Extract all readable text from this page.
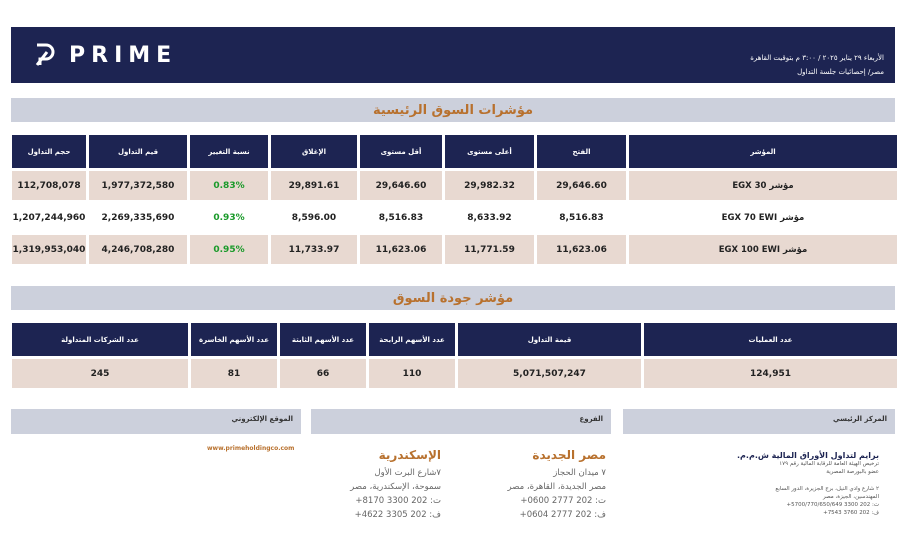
PRIME	الأربعاء ٢٩ يناير ٢٠٢٥ / ٣:٠٠ م بتوقيت القاهرة
مصر/ إحصائيات جلسة التداول
مؤشرات السوق الرئيسية
حجم التداول	قيم التداول	نسبة التغيير	الإغلاق	أقل مستوى	أعلى مستوى	الفتح	المؤشر
112,708,078	1,977,372,580	0.83%	29,891.61	29,646.60	29,982.32	29,646.60	مؤشر EGX 30
1,207,244,960	2,269,335,690	0.93%	8,596.00	8,516.83	8,633.92	8,516.83	مؤشر EGX 70 EWI
1,319,953,040	4,246,708,280	0.95%	11,733.97	11,623.06	11,771.59	11,623.06	مؤشر EGX 100 EWI
مؤشر جودة السوق
عدد الشركات المتداولة	عدد الأسهم الخاسرة	عدد الأسهم الثابتة	عدد الأسهم الرابحة	قيمة التداول	عدد العمليات
245	81	66	110	5,071,507,247	124,951
الموقع الإلكتروني	الفروع	المركز الرئيسي
www.primeholdingco.com	الإسكندرية
٧شارع البرت الأول
سموحة، الإسكندرية، مصر
ت: 202 3300 8170+
ف: 202 3305 4622+
مصر الجديدة
٧ ميدان الحجاز
مصر الجديدة، القاهرة، مصر
ت: 202 2777 0600+
ف: 202 2777 0604+
برايم لتداول الأوراق المالية ش.م.م.
ترخيص الهيئة العامة للرقابة المالية رقم ١٧٩
عضو بالبورصة المصرية
٢ شارع وادي النيل، برج الجزيرة، الدور السابع
المهندسين، الجيزة، مصر
ت: 202 3300 5700/770/650/649+
ف: 202 3760 7543+
